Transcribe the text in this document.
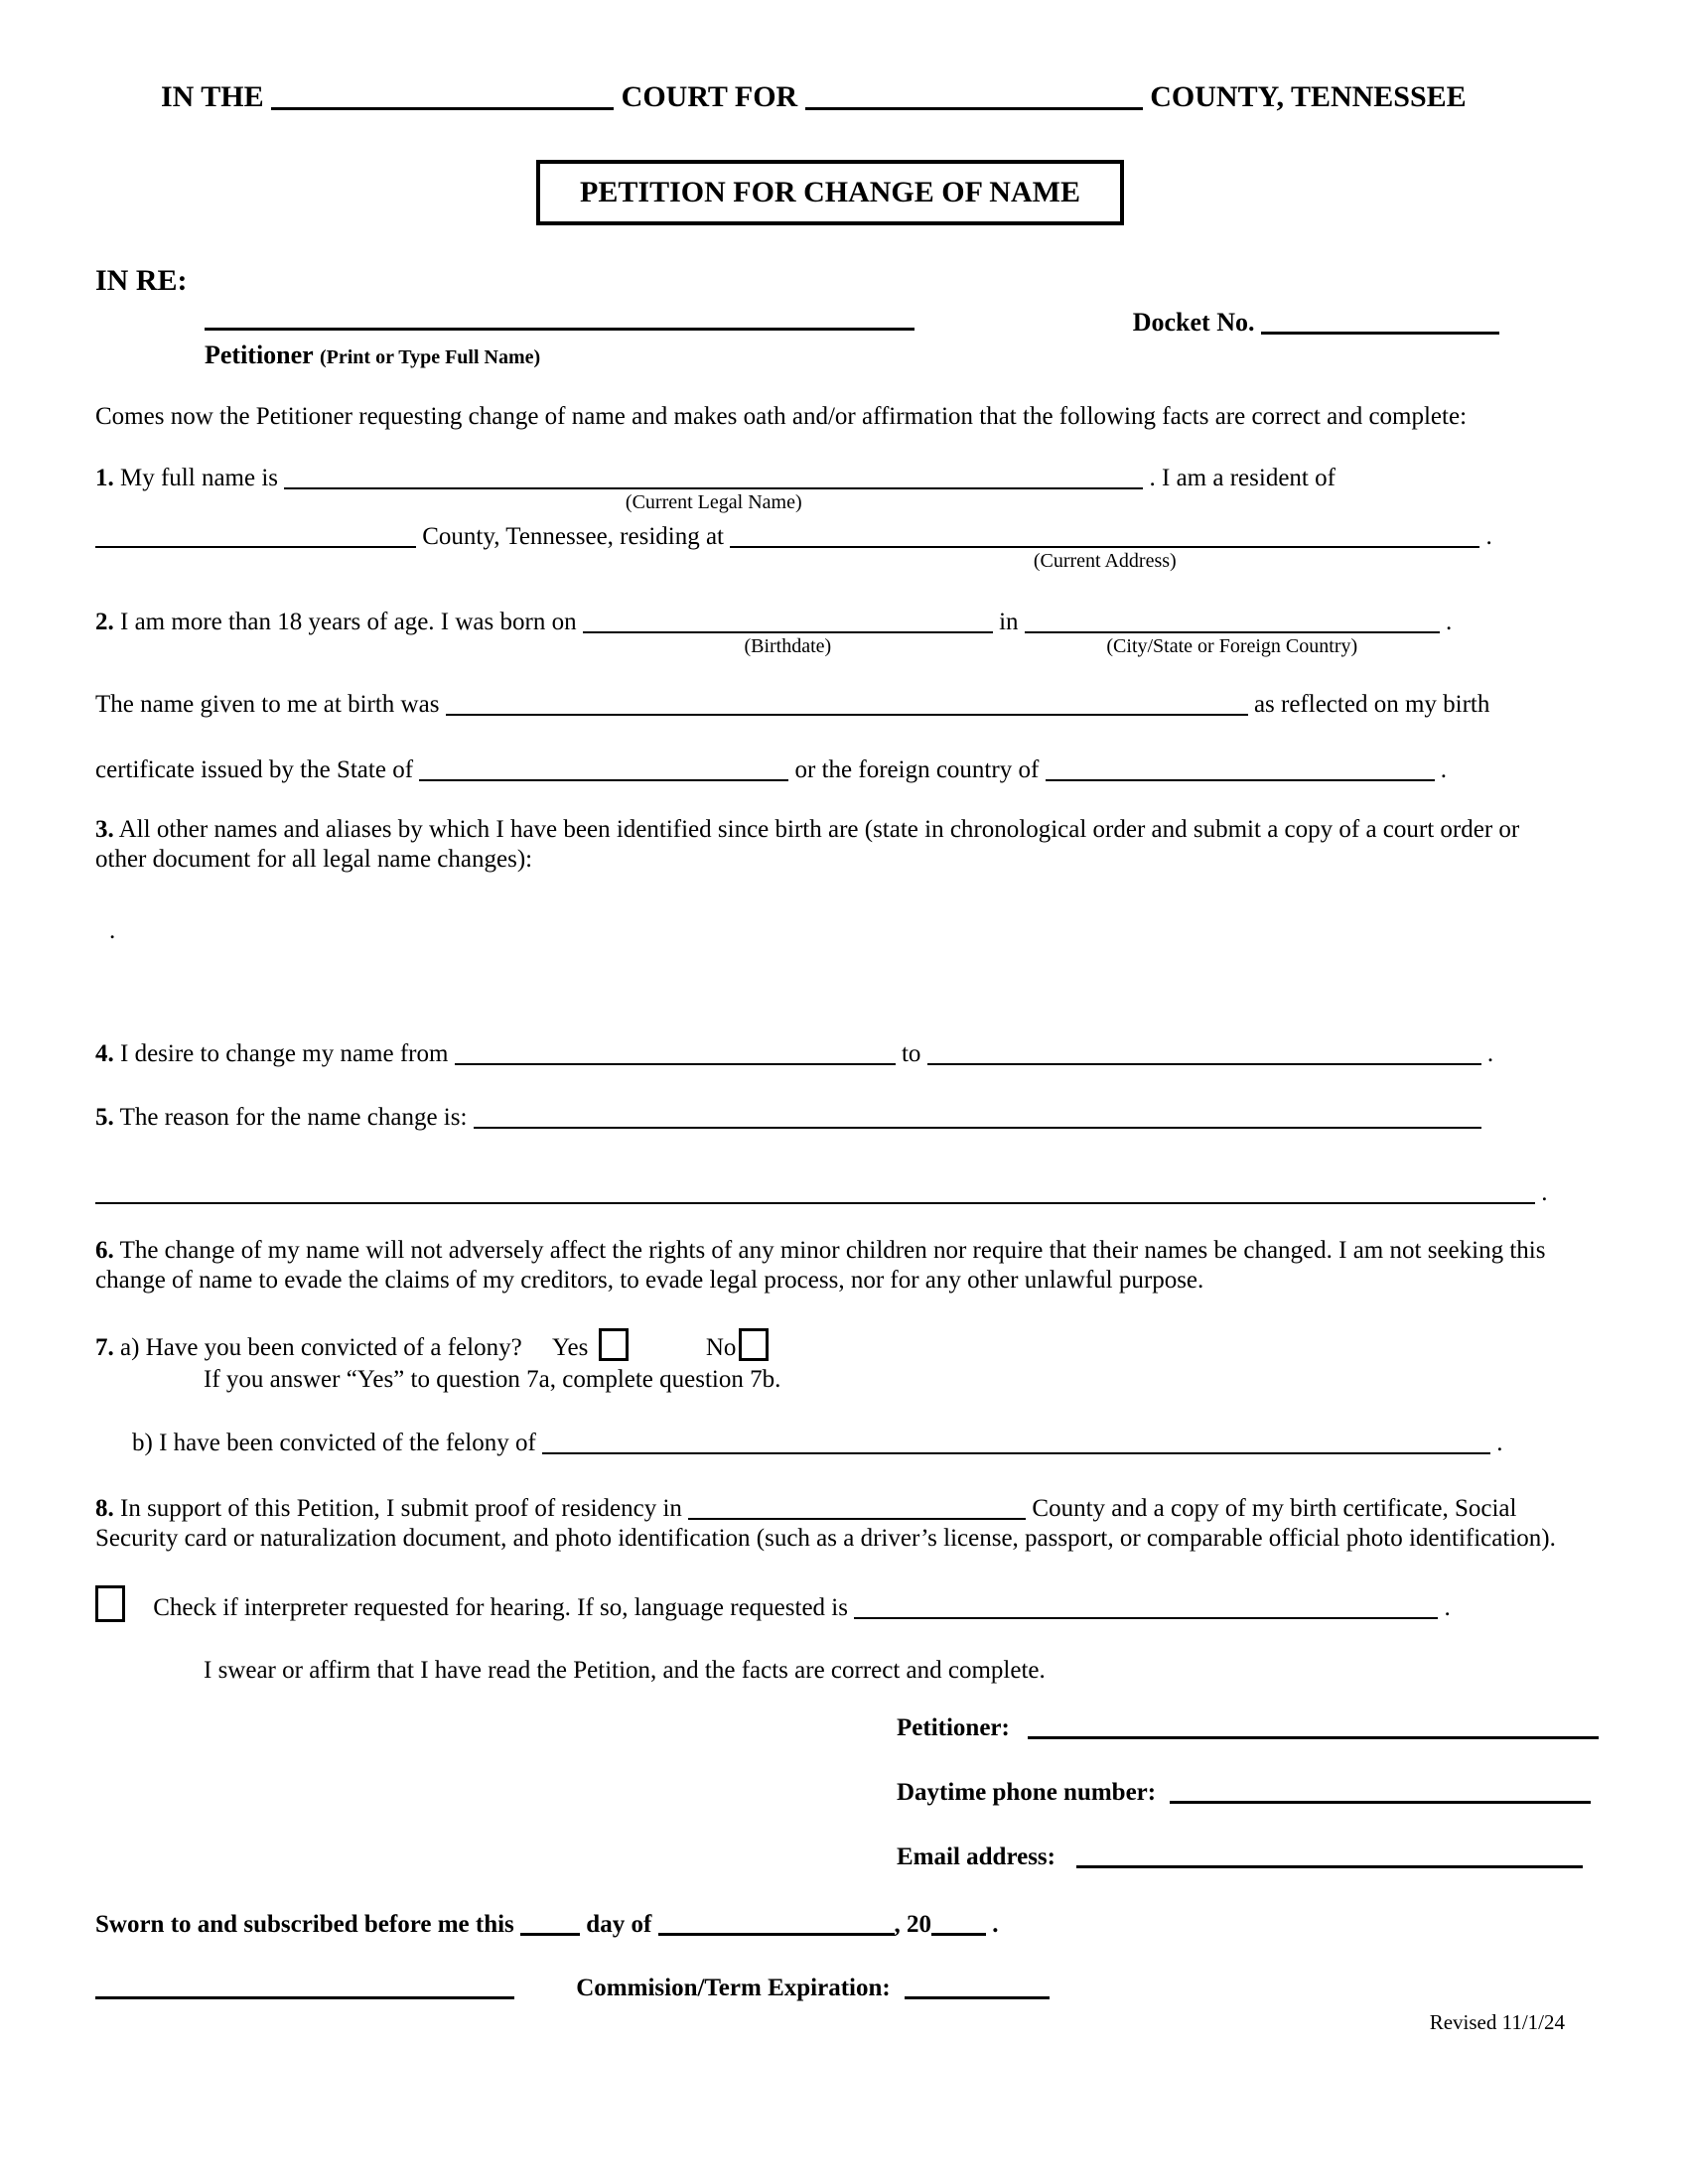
IN THE	COURT FOR	COUNTY, TENNESSEE
PETITION FOR CHANGE OF NAME

IN RE:

Docket No.
Petitioner (Print or Type Full Name)

Comes now the Petitioner requesting change of name and makes oath and/or affirmation that the following facts are correct and complete:

1. My full name is
(Current Legal Name)
. I am a resident of

County, Tennessee, residing at
(Current Address)
.

2. I am more than 18 years of age. I was born on
(Birthdate)
in
(City/State or Foreign Country)
.

The name given to me at birth was	as reflected on my birth

certificate issued by the State of	or the foreign country of	.

3. All other names and aliases by which I have been identified since birth are (state in chronological order and submit a copy of a court order or other document for all legal name changes):

.

4. I desire to change my name from	to	.

5. The reason for the name change is:

.

6. The change of my name will not adversely affect the rights of any minor children nor require that their names be changed. I am not seeking this change of name to evade the claims of my creditors, to evade legal process, nor for any other unlawful purpose.

7. a) Have you been convicted of a felony? Yes	No

If you answer “Yes” to question 7a, complete question 7b.

b) I have been convicted of the felony of	.

8. In support of this Petition, I submit proof of residency in	County and a copy of my birth certificate, Social Security card or naturalization document, and photo identification (such as a driver’s license, passport, or comparable official photo identification).

Check if interpreter requested for hearing. If so, language requested is	.

I swear or affirm that I have read the Petition, and the facts are correct and complete.

Petitioner:

Daytime phone number:

Email address:

Sworn to and subscribed before me this	day of	, 20 .

Commision/Term Expiration:

Revised 11/1/24
